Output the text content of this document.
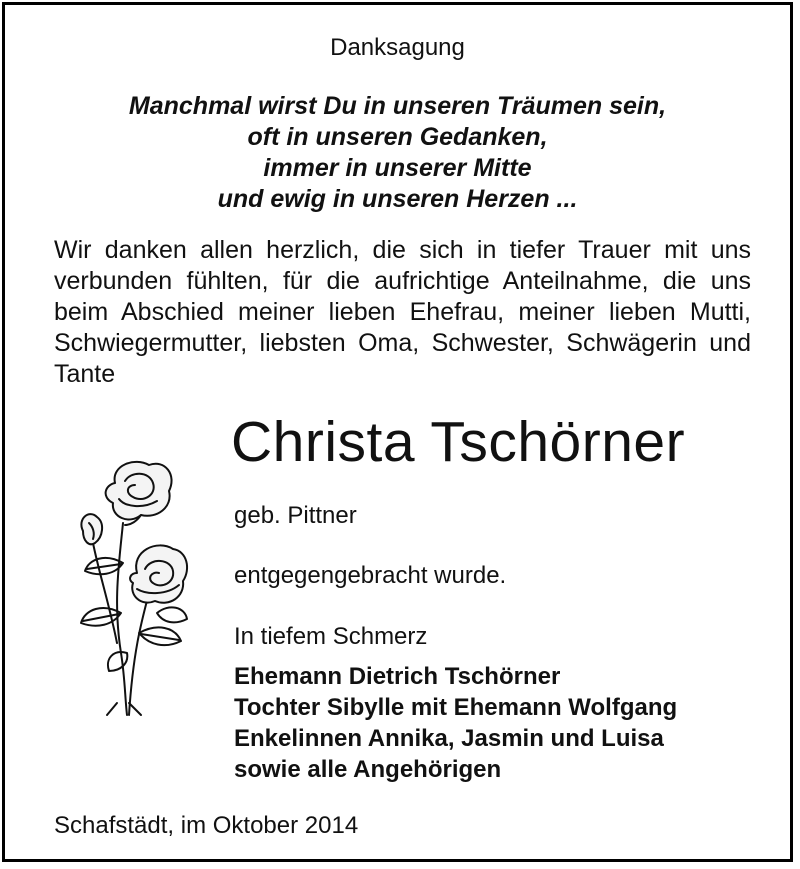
Danksagung
Manchmal wirst Du in unseren Träumen sein,
oft in unseren Gedanken,
immer in unserer Mitte
und ewig in unseren Herzen ...

Wir danken allen herzlich, die sich in tiefer Trauer mit uns verbunden fühlten, für die aufrichtige Anteilnahme, die uns beim Abschied meiner lieben Ehefrau, meiner lieben Mutti, Schwiegermutter, liebsten Oma, Schwester, Schwägerin und Tante

Christa Tschörner
geb. Pittner
entgegengebracht wurde.
In tiefem Schmerz
Ehemann Dietrich Tschörner
Tochter Sibylle mit Ehemann Wolfgang
Enkelinnen Annika, Jasmin und Luisa
sowie alle Angehörigen
Schafstädt, im Oktober 2014
